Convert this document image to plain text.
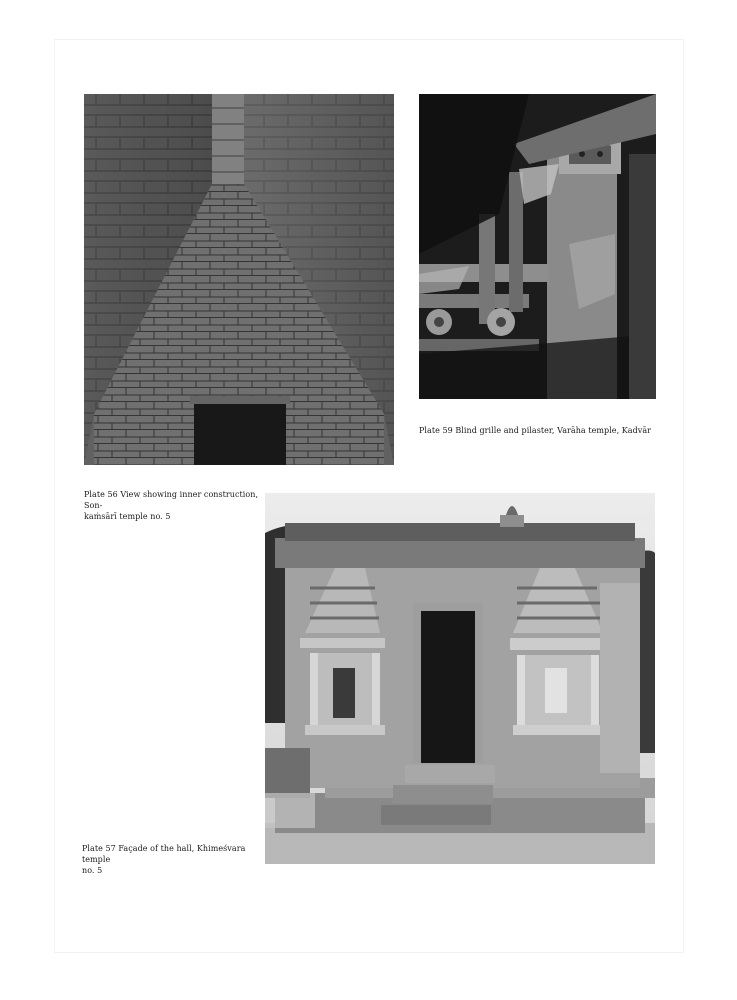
Plate 59 Blind grille and pilaster, Varāha temple, Kadvār
Plate 56 View showing inner construction, Son-
kaṁsārī temple no. 5
Plate 57 Façade of the hall, Khimeśvara temple
no. 5
